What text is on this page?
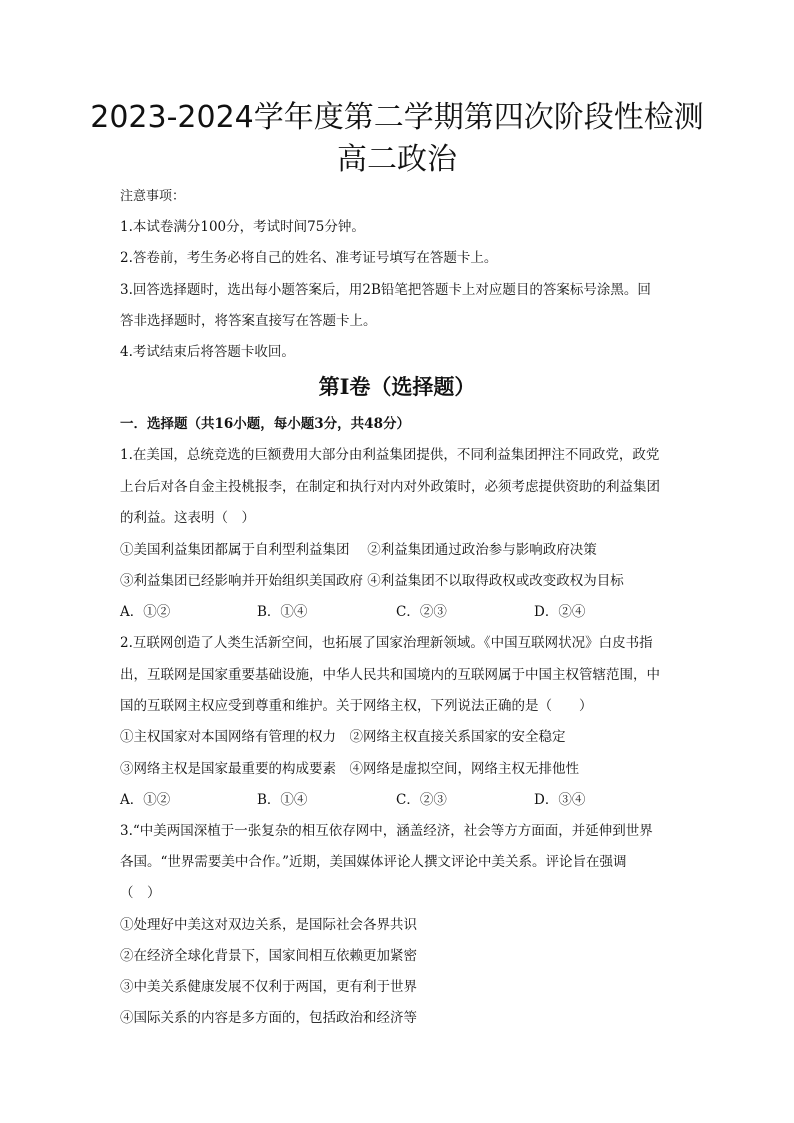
2023-2024学年度第二学期第四次阶段性检测
高二政治
注意事项：
1.本试卷满分100分，考试时间75分钟。
2.答卷前，考生务必将自己的姓名、准考证号填写在答题卡上。
3.回答选择题时，选出每小题答案后，用2B铅笔把答题卡上对应题目的答案标号涂黑。回
答非选择题时，将答案直接写在答题卡上。
4.考试结束后将答题卡收回。
第I卷（选择题）
一．选择题（共16小题，每小题3分，共48分）
1.在美国，总统竞选的巨额费用大部分由利益集团提供，不同利益集团押注不同政党，政党
上台后对各自金主投桃报李，在制定和执行对内对外政策时，必须考虑提供资助的利益集团
的利益。这表明（　）
①美国利益集团都属于自利型利益集团　 ②利益集团通过政治参与影响政府决策
③利益集团已经影响并开始组织美国政府 ④利益集团不以取得政权或改变政权为目标
A．①②	B．①④	C．②③	D．②④
2.互联网创造了人类生活新空间，也拓展了国家治理新领域。《中国互联网状况》白皮书指
出，互联网是国家重要基础设施，中华人民共和国境内的互联网属于中国主权管辖范围，中
国的互联网主权应受到尊重和维护。关于网络主权，下列说法正确的是（　　）
①主权国家对本国网络有管理的权力　②网络主权直接关系国家的安全稳定
③网络主权是国家最重要的构成要素　④网络是虚拟空间，网络主权无排他性
A．①②	B．①④	C．②③	D．③④
3.“中美两国深植于一张复杂的相互依存网中，涵盖经济，社会等方方面面，并延伸到世界
各国。“世界需要美中合作。”近期，美国媒体评论人撰文评论中美关系。评论旨在强调
（　）
①处理好中美这对双边关系，是国际社会各界共识
②在经济全球化背景下，国家间相互依赖更加紧密
③中美关系健康发展不仅利于两国，更有利于世界
④国际关系的内容是多方面的，包括政治和经济等
